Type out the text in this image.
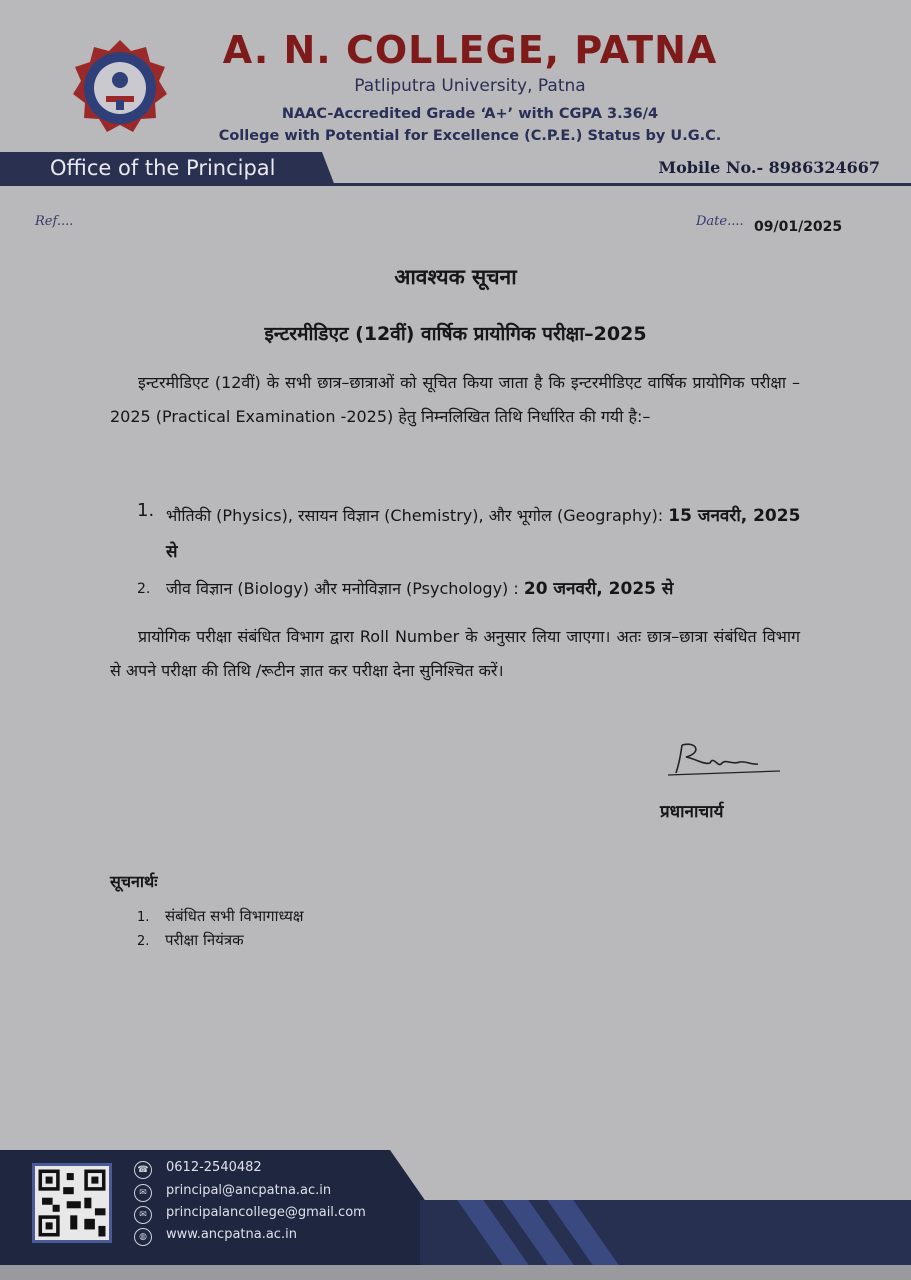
A. N. COLLEGE, PATNA
Patliputra University, Patna
NAAC-Accredited Grade ‘A+’ with CGPA 3.36/4
College with Potential for Excellence (C.P.E.) Status by U.G.C.
Office of the Principal	Mobile No.- 8986324667
Ref....	Date.... 09/01/2025
आवश्यक सूचना
इन्टरमीडिएट (12वीं) वार्षिक प्रायोगिक परीक्षा–2025
इन्टरमीडिएट (12वीं) के सभी छात्र–छात्राओं को सूचित किया जाता है कि इन्टरमीडिएट वार्षिक प्रायोगिक परीक्षा –2025 (Practical Examination -2025) हेतु निम्नलिखित तिथि निर्धारित की गयी है:–
1. भौतिकी (Physics), रसायन विज्ञान (Chemistry), और भूगोल (Geography): 15 जनवरी, 2025 से
2. जीव विज्ञान (Biology) और मनोविज्ञान (Psychology) : 20 जनवरी, 2025 से
प्रायोगिक परीक्षा संबंधित विभाग द्वारा Roll Number के अनुसार लिया जाएगा। अतः छात्र–छात्रा संबंधित विभाग से अपने परीक्षा की तिथि /रूटीन ज्ञात कर परीक्षा देना सुनिश्चित करें।
प्रधानाचार्य
सूचनार्थः
1. संबंधित सभी विभागाध्यक्ष
2. परीक्षा नियंत्रक
☎ 0612-2540482
✉	principal@ancpatna.ac.in
✉	principalancollege@gmail.com
◍	www.ancpatna.ac.in
